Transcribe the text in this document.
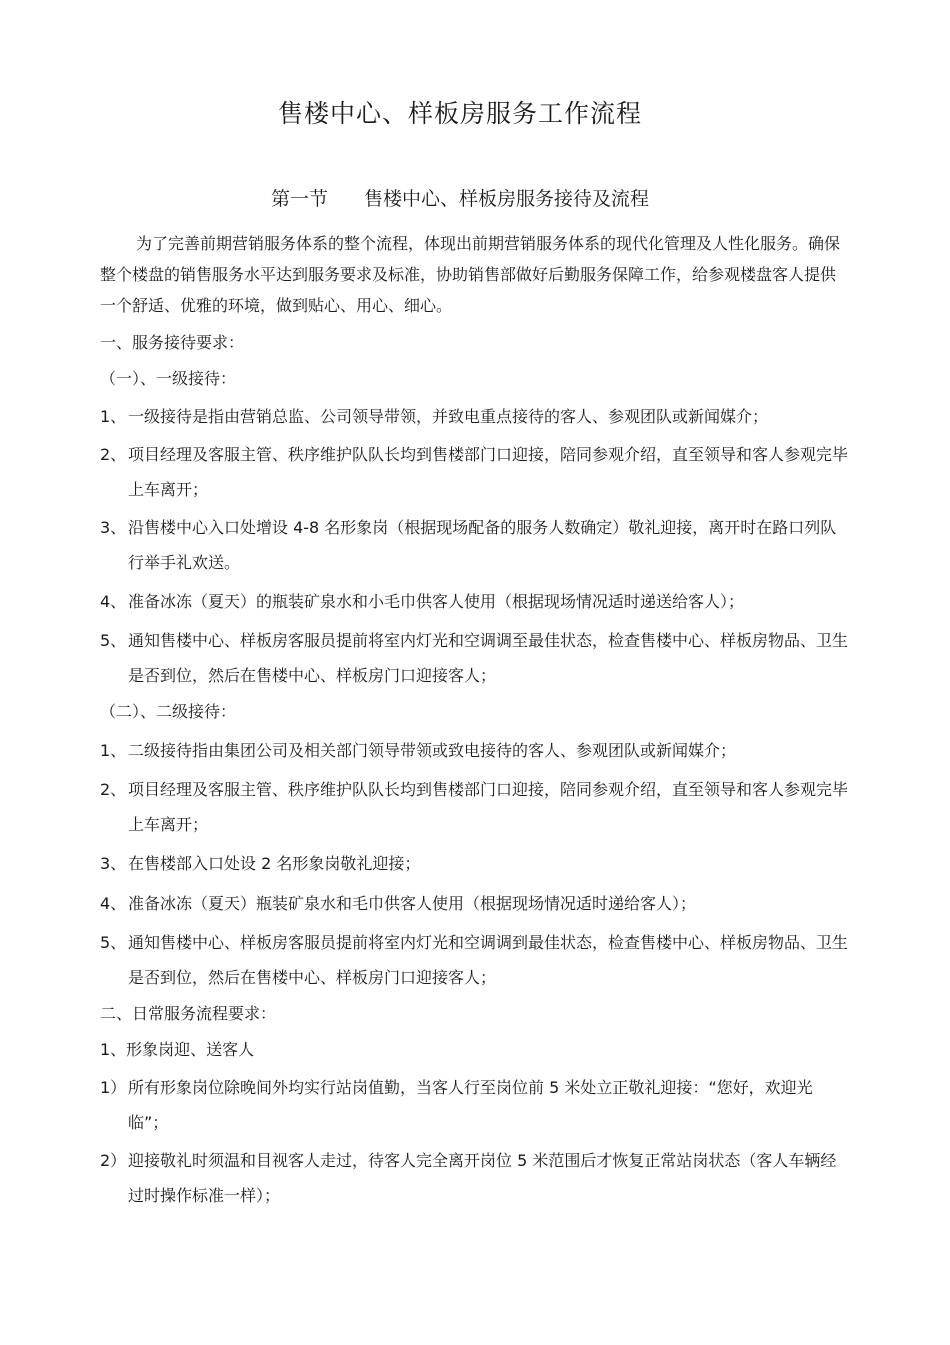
售楼中心、样板房服务工作流程
第一节 售楼中心、样板房服务接待及流程

为了完善前期营销服务体系的整个流程，体现出前期营销服务体系的现代化管理及人性化服务。确保整个楼盘的销售服务水平达到服务要求及标准，协助销售部做好后勤服务保障工作，给参观楼盘客人提供一个舒适、优雅的环境，做到贴心、用心、细心。

一、服务接待要求：
（一）、一级接待：
1、 一级接待是指由营销总监、公司领导带领，并致电重点接待的客人、参观团队或新闻媒介；
2、 项目经理及客服主管、秩序维护队队长均到售楼部门口迎接，陪同参观介绍，直至领导和客人参观完毕上车离开；
3、 沿售楼中心入口处增设 4-8 名形象岗（根据现场配备的服务人数确定）敬礼迎接，离开时在路口列队行举手礼欢送。
4、 准备冰冻（夏天）的瓶装矿泉水和小毛巾供客人使用（根据现场情况适时递送给客人）；
5、 通知售楼中心、样板房客服员提前将室内灯光和空调调至最佳状态，检查售楼中心、样板房物品、卫生是否到位，然后在售楼中心、样板房门口迎接客人；
（二）、二级接待：
1、 二级接待指由集团公司及相关部门领导带领或致电接待的客人、参观团队或新闻媒介；
2、 项目经理及客服主管、秩序维护队队长均到售楼部门口迎接，陪同参观介绍，直至领导和客人参观完毕上车离开；
3、 在售楼部入口处设 2 名形象岗敬礼迎接；
4、 准备冰冻（夏天）瓶装矿泉水和毛巾供客人使用（根据现场情况适时递给客人）；
5、 通知售楼中心、样板房客服员提前将室内灯光和空调调到最佳状态，检查售楼中心、样板房物品、卫生是否到位，然后在售楼中心、样板房门口迎接客人；
二、日常服务流程要求：
1、形象岗迎、送客人
1） 所有形象岗位除晚间外均实行站岗值勤，当客人行至岗位前 5 米处立正敬礼迎接：“您好，欢迎光临”；
2） 迎接敬礼时须温和目视客人走过，待客人完全离开岗位 5 米范围后才恢复正常站岗状态（客人车辆经过时操作标准一样）；
